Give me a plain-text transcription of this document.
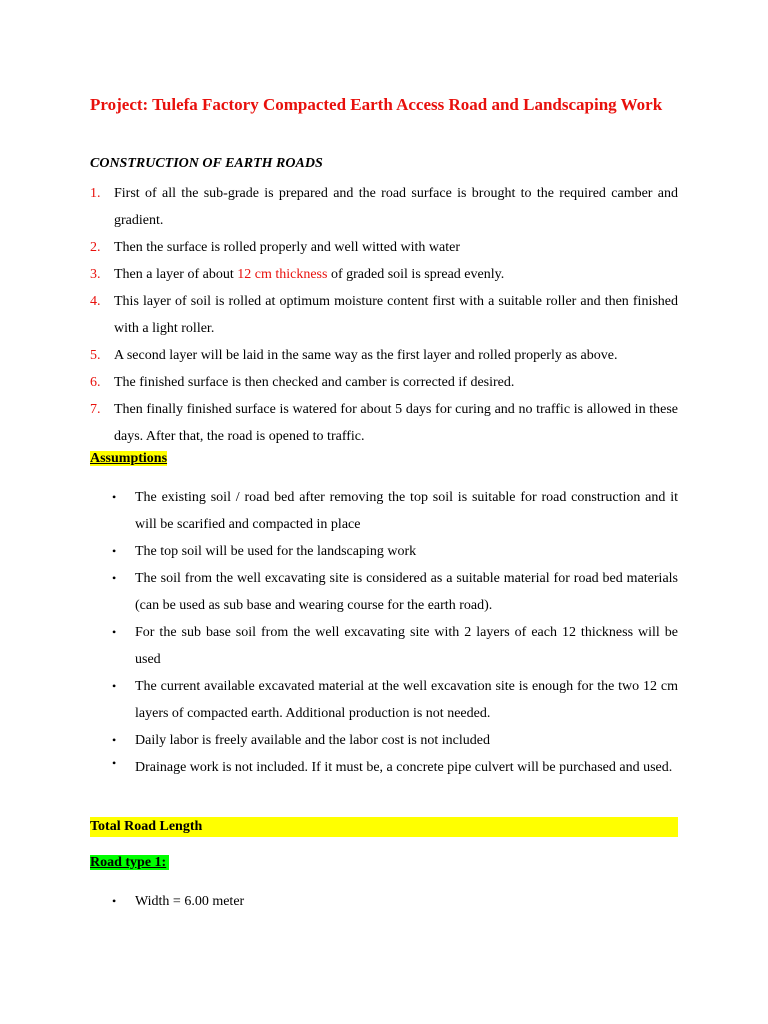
Project: Tulefa Factory Compacted Earth Access Road and Landscaping Work

CONSTRUCTION OF EARTH ROADS

1. First of all the sub-grade is prepared and the road surface is brought to the required camber and gradient.
2. Then the surface is rolled properly and well witted with water
3. Then a layer of about 12 cm thickness of graded soil is spread evenly.
4. This layer of soil is rolled at optimum moisture content first with a suitable roller and then finished with a light roller.
5. A second layer will be laid in the same way as the first layer and rolled properly as above.
6. The finished surface is then checked and camber is corrected if desired.
7. Then finally finished surface is watered for about 5 days for curing and no traffic is allowed in these days. After that, the road is opened to traffic.

Assumptions

• The existing soil / road bed after removing the top soil is suitable for road construction and it will be scarified and compacted in place
• The top soil will be used for the landscaping work
• The soil from the well excavating site is considered as a suitable material for road bed materials (can be used as sub base and wearing course for the earth road).
• For the sub base soil from the well excavating site with 2 layers of each 12 thickness will be used
• The current available excavated material at the well excavation site is enough for the two 12 cm layers of compacted earth. Additional production is not needed.
• Daily labor is freely available and the labor cost is not included
• Drainage work is not included. If it must be, a concrete pipe culvert will be purchased and used.

Total Road Length

Road type 1:

• Width = 6.00 meter
